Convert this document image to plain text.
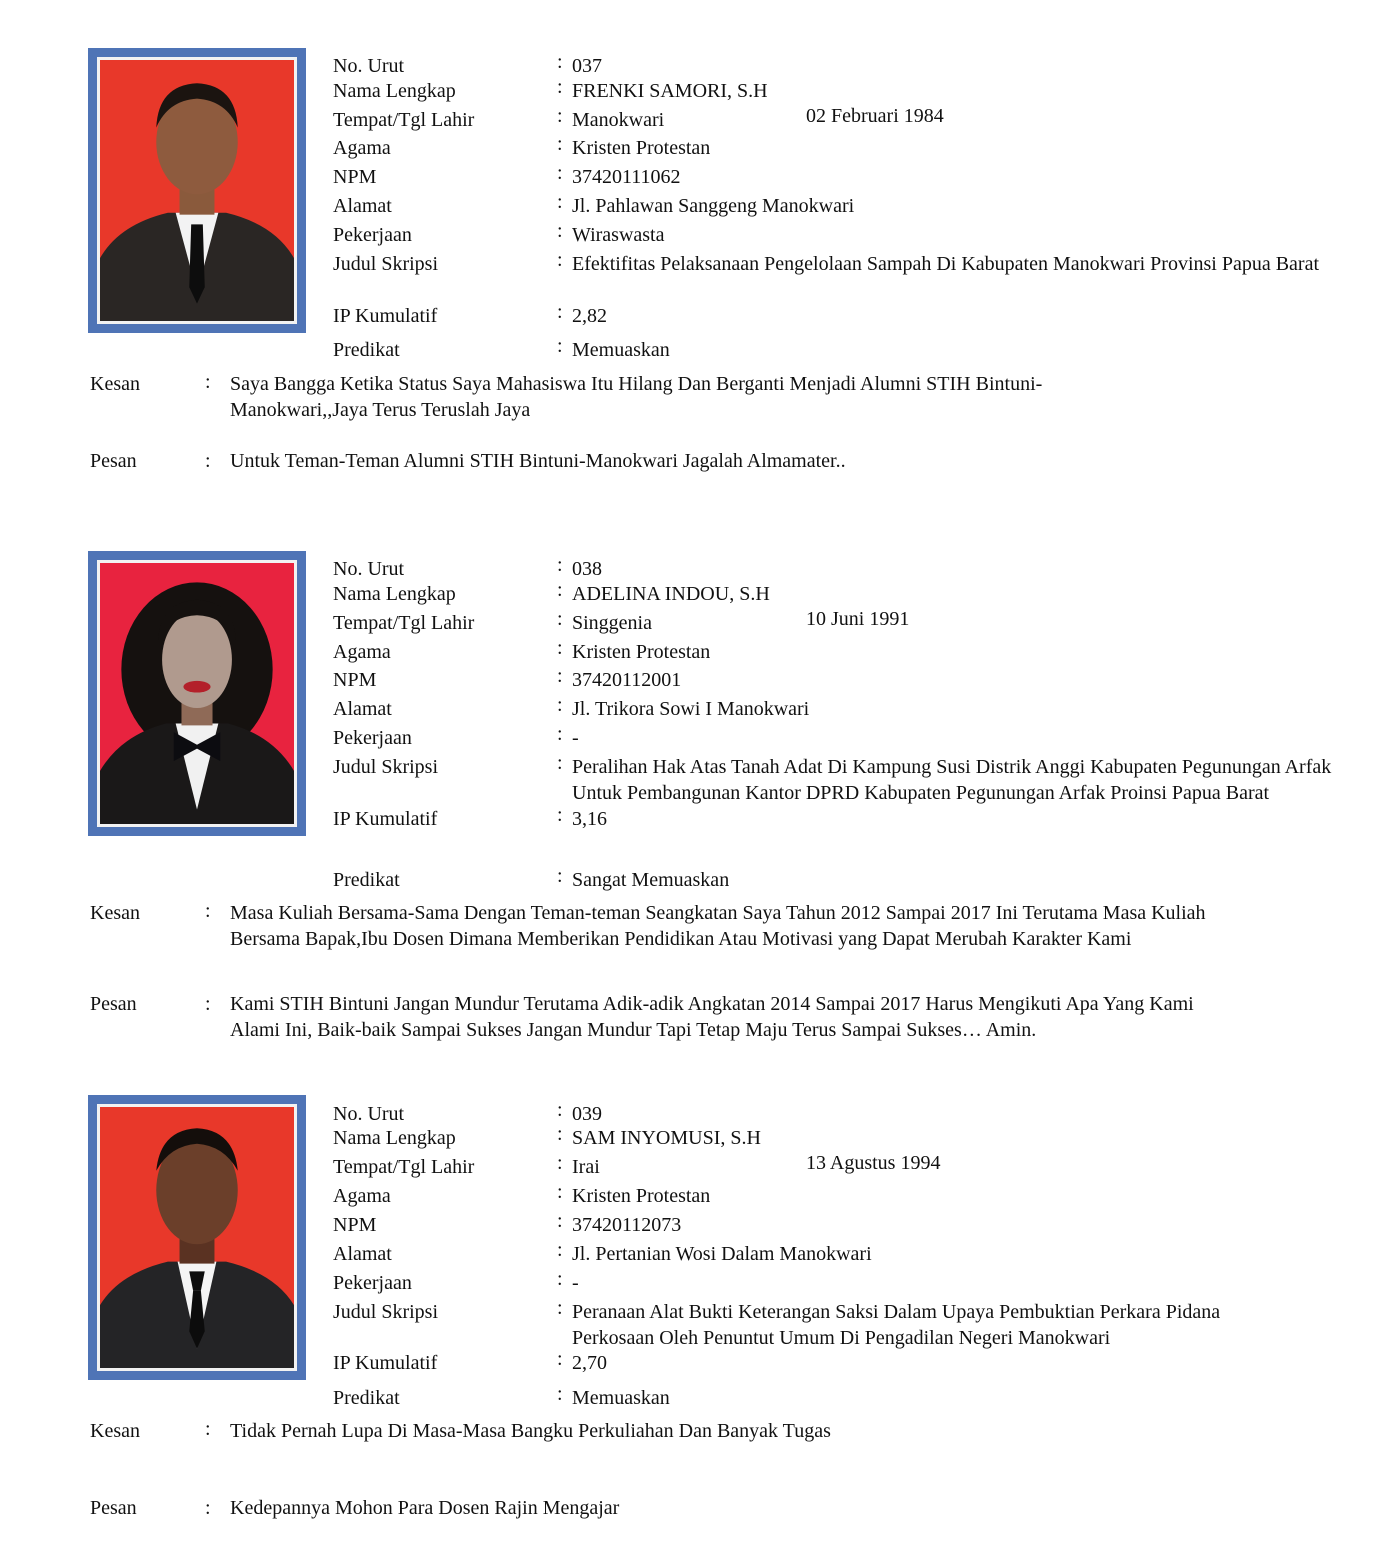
No. Urut	: 037
Nama Lengkap	: FRENKI SAMORI, S.H
Tempat/Tgl Lahir	: Manokwari	02 Februari 1984
Agama	: Kristen Protestan
NPM	: 37420111062
Alamat	: Jl. Pahlawan Sanggeng Manokwari
Pekerjaan	: Wiraswasta
Judul Skripsi	: Efektifitas Pelaksanaan Pengelolaan Sampah Di Kabupaten Manokwari Provinsi Papua Barat
IP Kumulatif	: 2,82
Predikat	: Memuaskan
Kesan	: Saya Bangga Ketika Status Saya Mahasiswa Itu Hilang Dan Berganti Menjadi Alumni STIH Bintuni- Manokwari,,Jaya Terus Teruslah Jaya
Pesan	: Untuk Teman-Teman Alumni STIH Bintuni-Manokwari Jagalah Almamater..
No. Urut	: 038
Nama Lengkap	: ADELINA INDOU, S.H
Tempat/Tgl Lahir	: Singgenia	10 Juni 1991
Agama	: Kristen Protestan
NPM	: 37420112001
Alamat	: Jl. Trikora Sowi I Manokwari
Pekerjaan	: -
Judul Skripsi	: Peralihan Hak Atas Tanah Adat Di Kampung Susi Distrik Anggi Kabupaten Pegunungan Arfak Untuk Pembangunan Kantor DPRD Kabupaten Pegunungan Arfak Proinsi Papua Barat
IP Kumulatif	: 3,16
Predikat	: Sangat Memuaskan
Kesan	: Masa Kuliah Bersama-Sama Dengan Teman-teman Seangkatan Saya Tahun 2012 Sampai 2017 Ini Terutama Masa Kuliah Bersama Bapak,Ibu Dosen Dimana Memberikan Pendidikan Atau Motivasi yang Dapat Merubah Karakter Kami
Pesan	: Kami STIH Bintuni Jangan Mundur Terutama Adik-adik Angkatan 2014 Sampai 2017 Harus Mengikuti Apa Yang Kami Alami Ini, Baik-baik Sampai Sukses Jangan Mundur Tapi Tetap Maju Terus Sampai Sukses… Amin.
No. Urut	: 039
Nama Lengkap	: SAM INYOMUSI, S.H
Tempat/Tgl Lahir	: Irai	13 Agustus 1994
Agama	: Kristen Protestan
NPM	: 37420112073
Alamat	: Jl. Pertanian Wosi Dalam Manokwari
Pekerjaan	: -
Judul Skripsi	: Peranaan Alat Bukti Keterangan Saksi Dalam Upaya Pembuktian Perkara Pidana Perkosaan Oleh Penuntut Umum Di Pengadilan Negeri Manokwari
IP Kumulatif	: 2,70
Predikat	: Memuaskan
Kesan	: Tidak Pernah Lupa Di Masa-Masa Bangku Perkuliahan Dan Banyak Tugas
Pesan	: Kedepannya Mohon Para Dosen Rajin Mengajar
